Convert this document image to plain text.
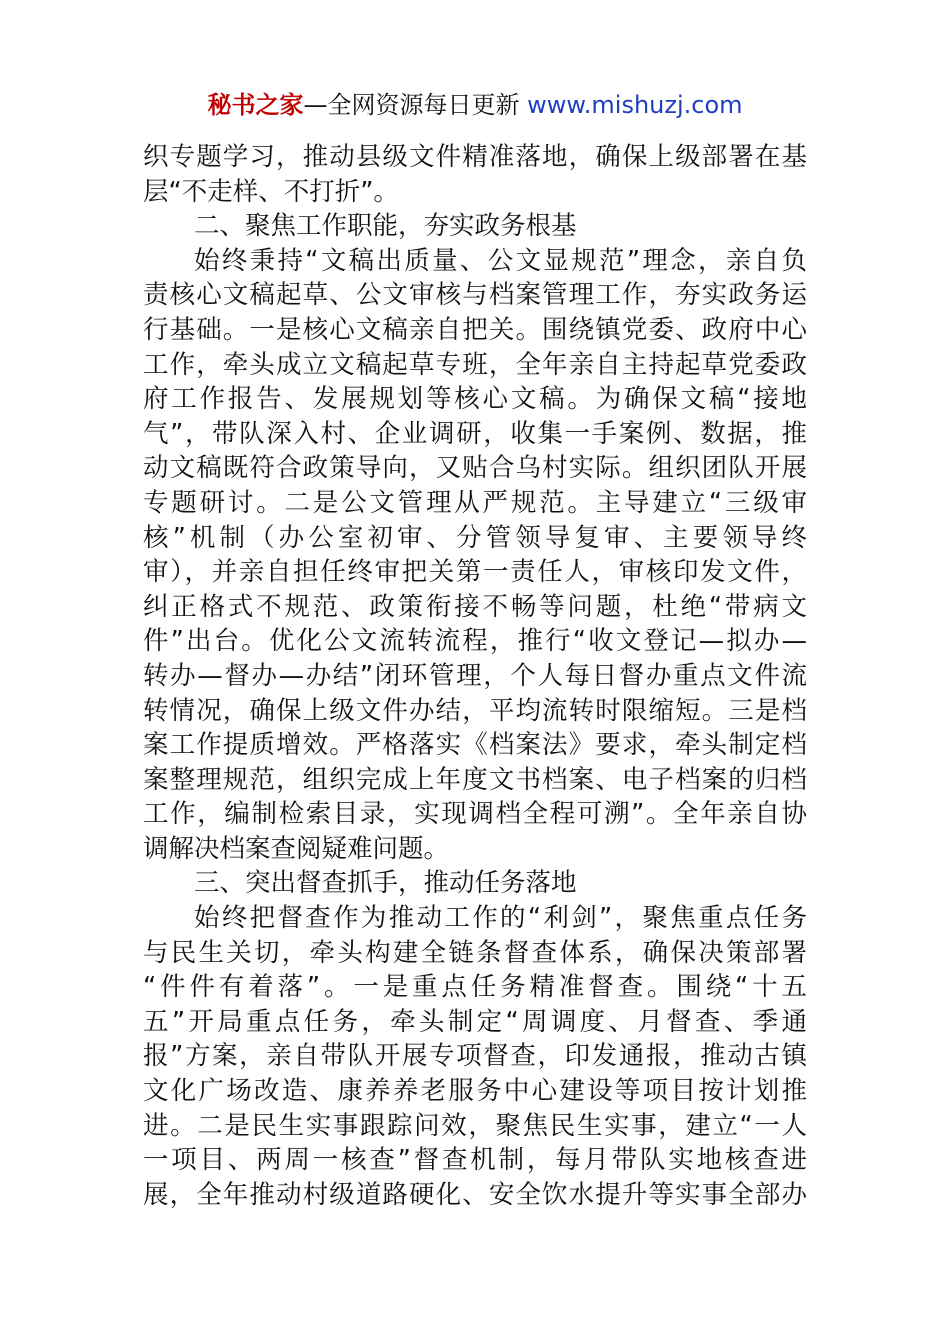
秘书之家—全网资源每日更新 www.mishuzj.com
织专题学习，推动县级文件精准落地，确保上级部署在基
层“不走样、不打折”。
二、聚焦工作职能，夯实政务根基
始终秉持“文稿出质量、公文显规范”理念，亲自负
责核心文稿起草、公文审核与档案管理工作，夯实政务运
行基础。一是核心文稿亲自把关。围绕镇党委、政府中心
工作，牵头成立文稿起草专班，全年亲自主持起草党委政
府工作报告、发展规划等核心文稿。为确保文稿“接地
气”，带队深入村、企业调研，收集一手案例、数据，推
动文稿既符合政策导向，又贴合乌村实际。组织团队开展
专题研讨。二是公文管理从严规范。主导建立“三级审
核”机制（办公室初审、分管领导复审、主要领导终
审），并亲自担任终审把关第一责任人，审核印发文件，
纠正格式不规范、政策衔接不畅等问题，杜绝“带病文
件”出台。优化公文流转流程，推行“收文登记—拟办—
转办—督办—办结”闭环管理，个人每日督办重点文件流
转情况，确保上级文件办结，平均流转时限缩短。三是档
案工作提质增效。严格落实《档案法》要求，牵头制定档
案整理规范，组织完成上年度文书档案、电子档案的归档
工作，编制检索目录，实现调档全程可溯”。全年亲自协
调解决档案查阅疑难问题。
三、突出督查抓手，推动任务落地
始终把督查作为推动工作的“利剑”，聚焦重点任务
与民生关切，牵头构建全链条督查体系，确保决策部署
“件件有着落”。一是重点任务精准督查。围绕“十五
五”开局重点任务，牵头制定“周调度、月督查、季通
报”方案，亲自带队开展专项督查，印发通报，推动古镇
文化广场改造、康养养老服务中心建设等项目按计划推
进。二是民生实事跟踪问效，聚焦民生实事，建立“一人
一项目、两周一核查”督查机制，每月带队实地核查进
展，全年推动村级道路硬化、安全饮水提升等实事全部办
